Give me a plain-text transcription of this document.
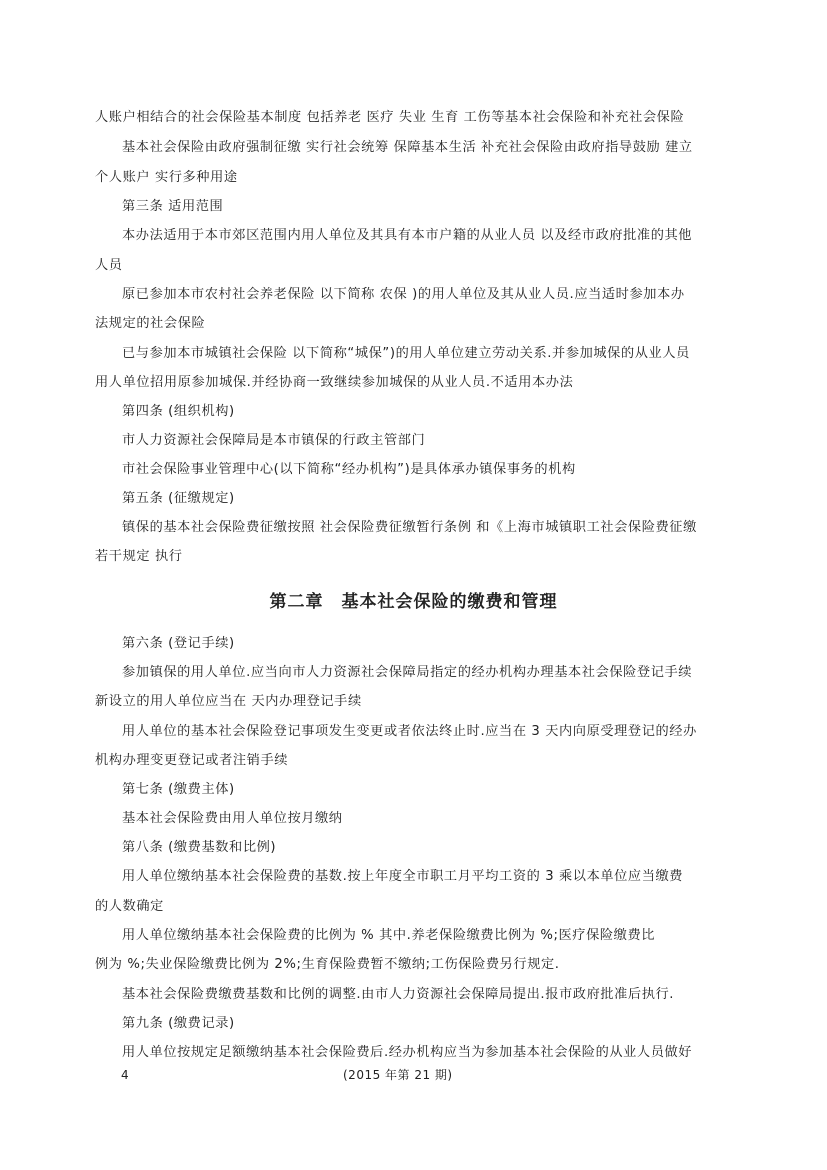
人账户相结合的社会保险基本制度 包括养老 医疗 失业 生育 工伤等基本社会保险和补充社会保险
基本社会保险由政府强制征缴 实行社会统筹 保障基本生活 补充社会保险由政府指导鼓励 建立
个人账户 实行多种用途
第三条 适用范围
本办法适用于本市郊区范围内用人单位及其具有本市户籍的从业人员 以及经市政府批准的其他
人员
原已参加本市农村社会养老保险 以下简称 农保 )的用人单位及其从业人员.应当适时参加本办
法规定的社会保险
已与参加本市城镇社会保险 以下简称“城保”)的用人单位建立劳动关系.并参加城保的从业人员
用人单位招用原参加城保.并经协商一致继续参加城保的从业人员.不适用本办法
第四条 (组织机构)
市人力资源社会保障局是本市镇保的行政主管部门
市社会保险事业管理中心(以下简称“经办机构”)是具体承办镇保事务的机构
第五条 (征缴规定)
镇保的基本社会保险费征缴按照 社会保险费征缴暂行条例 和《上海市城镇职工社会保险费征缴
若干规定 执行
第二章　基本社会保险的缴费和管理
第六条 (登记手续)
参加镇保的用人单位.应当向市人力资源社会保障局指定的经办机构办理基本社会保险登记手续
新设立的用人单位应当在 天内办理登记手续
用人单位的基本社会保险登记事项发生变更或者依法终止时.应当在 3 天内向原受理登记的经办
机构办理变更登记或者注销手续
第七条 (缴费主体)
基本社会保险费由用人单位按月缴纳
第八条 (缴费基数和比例)
用人单位缴纳基本社会保险费的基数.按上年度全市职工月平均工资的 3 乘以本单位应当缴费
的人数确定
用人单位缴纳基本社会保险费的比例为 % 其中.养老保险缴费比例为 %;医疗保险缴费比
例为 %;失业保险缴费比例为 2%;生育保险费暂不缴纳;工伤保险费另行规定.
基本社会保险费缴费基数和比例的调整.由市人力资源社会保障局提出.报市政府批准后执行.
第九条 (缴费记录)
用人单位按规定足额缴纳基本社会保险费后.经办机构应当为参加基本社会保险的从业人员做好
4	(2015 年第 21 期)
